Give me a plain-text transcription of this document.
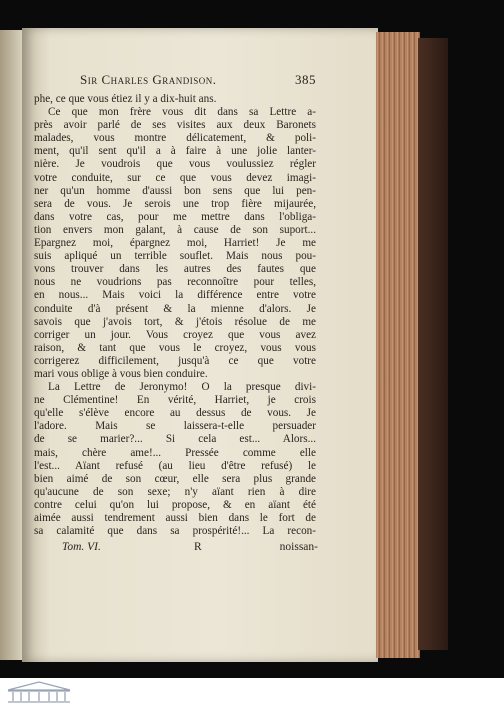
Sir Charles Grandison.	385
phe, ce que vous étiez il y a dix-huit ans.
Ce que mon frère vous dit dans sa Lettre a-
près avoir parlé de ses visites aux deux Baronets
malades, vous montre délicatement, & poli-
ment, qu'il sent qu'il a à faire à une jolie lanter-
nière. Je voudrois que vous voulussiez régler
votre conduite, sur ce que vous devez imagi-
ner qu'un homme d'aussi bon sens que lui pen-
sera de vous. Je serois une trop fière mijaurée,
dans votre cas, pour me mettre dans l'obliga-
tion envers mon galant, à cause de son suport...
Epargnez moi, épargnez moi, Harriet! Je me
suis apliqué un terrible souflet. Mais nous pou-
vons trouver dans les autres des fautes que
nous ne voudrions pas reconnoître pour telles,
en nous... Mais voici la différence entre votre
conduite d'à présent & la mienne d'alors. Je
savois que j'avois tort, & j'étois résolue de me
corriger un jour. Vous croyez que vous avez
raison, & tant que vous le croyez, vous vous
corrigerez difficilement, jusqu'à ce que votre
mari vous oblige à vous bien conduire.
La Lettre de Jeronymo! O la presque divi-
ne Clémentine! En vérité, Harriet, je crois
qu'elle s'élève encore au dessus de vous. Je
l'adore. Mais se laissera-t-elle persuader
de se marier?... Si cela est... Alors...
mais, chère ame!... Pressée comme elle
l'est... Aïant refusé (au lieu d'être refusé) le
bien aimé de son cœur, elle sera plus grande
qu'aucune de son sexe; n'y aïant rien à dire
contre celui qu'on lui propose, & en aïant été
aimée aussi tendrement aussi bien dans le fort de
sa calamité que dans sa prospérité!... La recon-
Tom. VI.	R	noissan-
